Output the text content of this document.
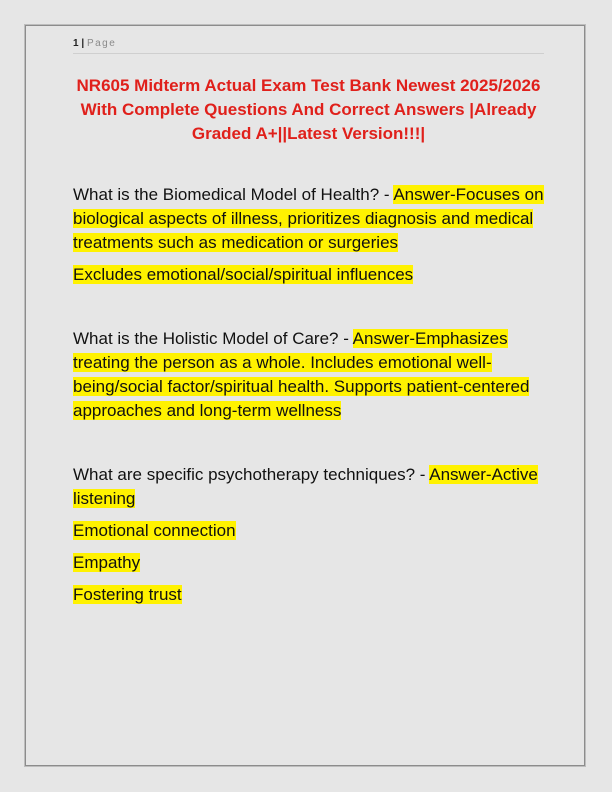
1 | Page
NR605 Midterm Actual Exam Test Bank Newest 2025/2026 With Complete Questions And Correct Answers |Already Graded A+||Latest Version!!!|

What is the Biomedical Model of Health? - Answer-Focuses on biological aspects of illness, prioritizes diagnosis and medical treatments such as medication or surgeries

Excludes emotional/social/spiritual influences

What is the Holistic Model of Care? - Answer-Emphasizes treating the person as a whole. Includes emotional well-being/social factor/spiritual health. Supports patient-centered approaches and long-term wellness

What are specific psychotherapy techniques? - Answer-Active listening

Emotional connection

Empathy

Fostering trust
